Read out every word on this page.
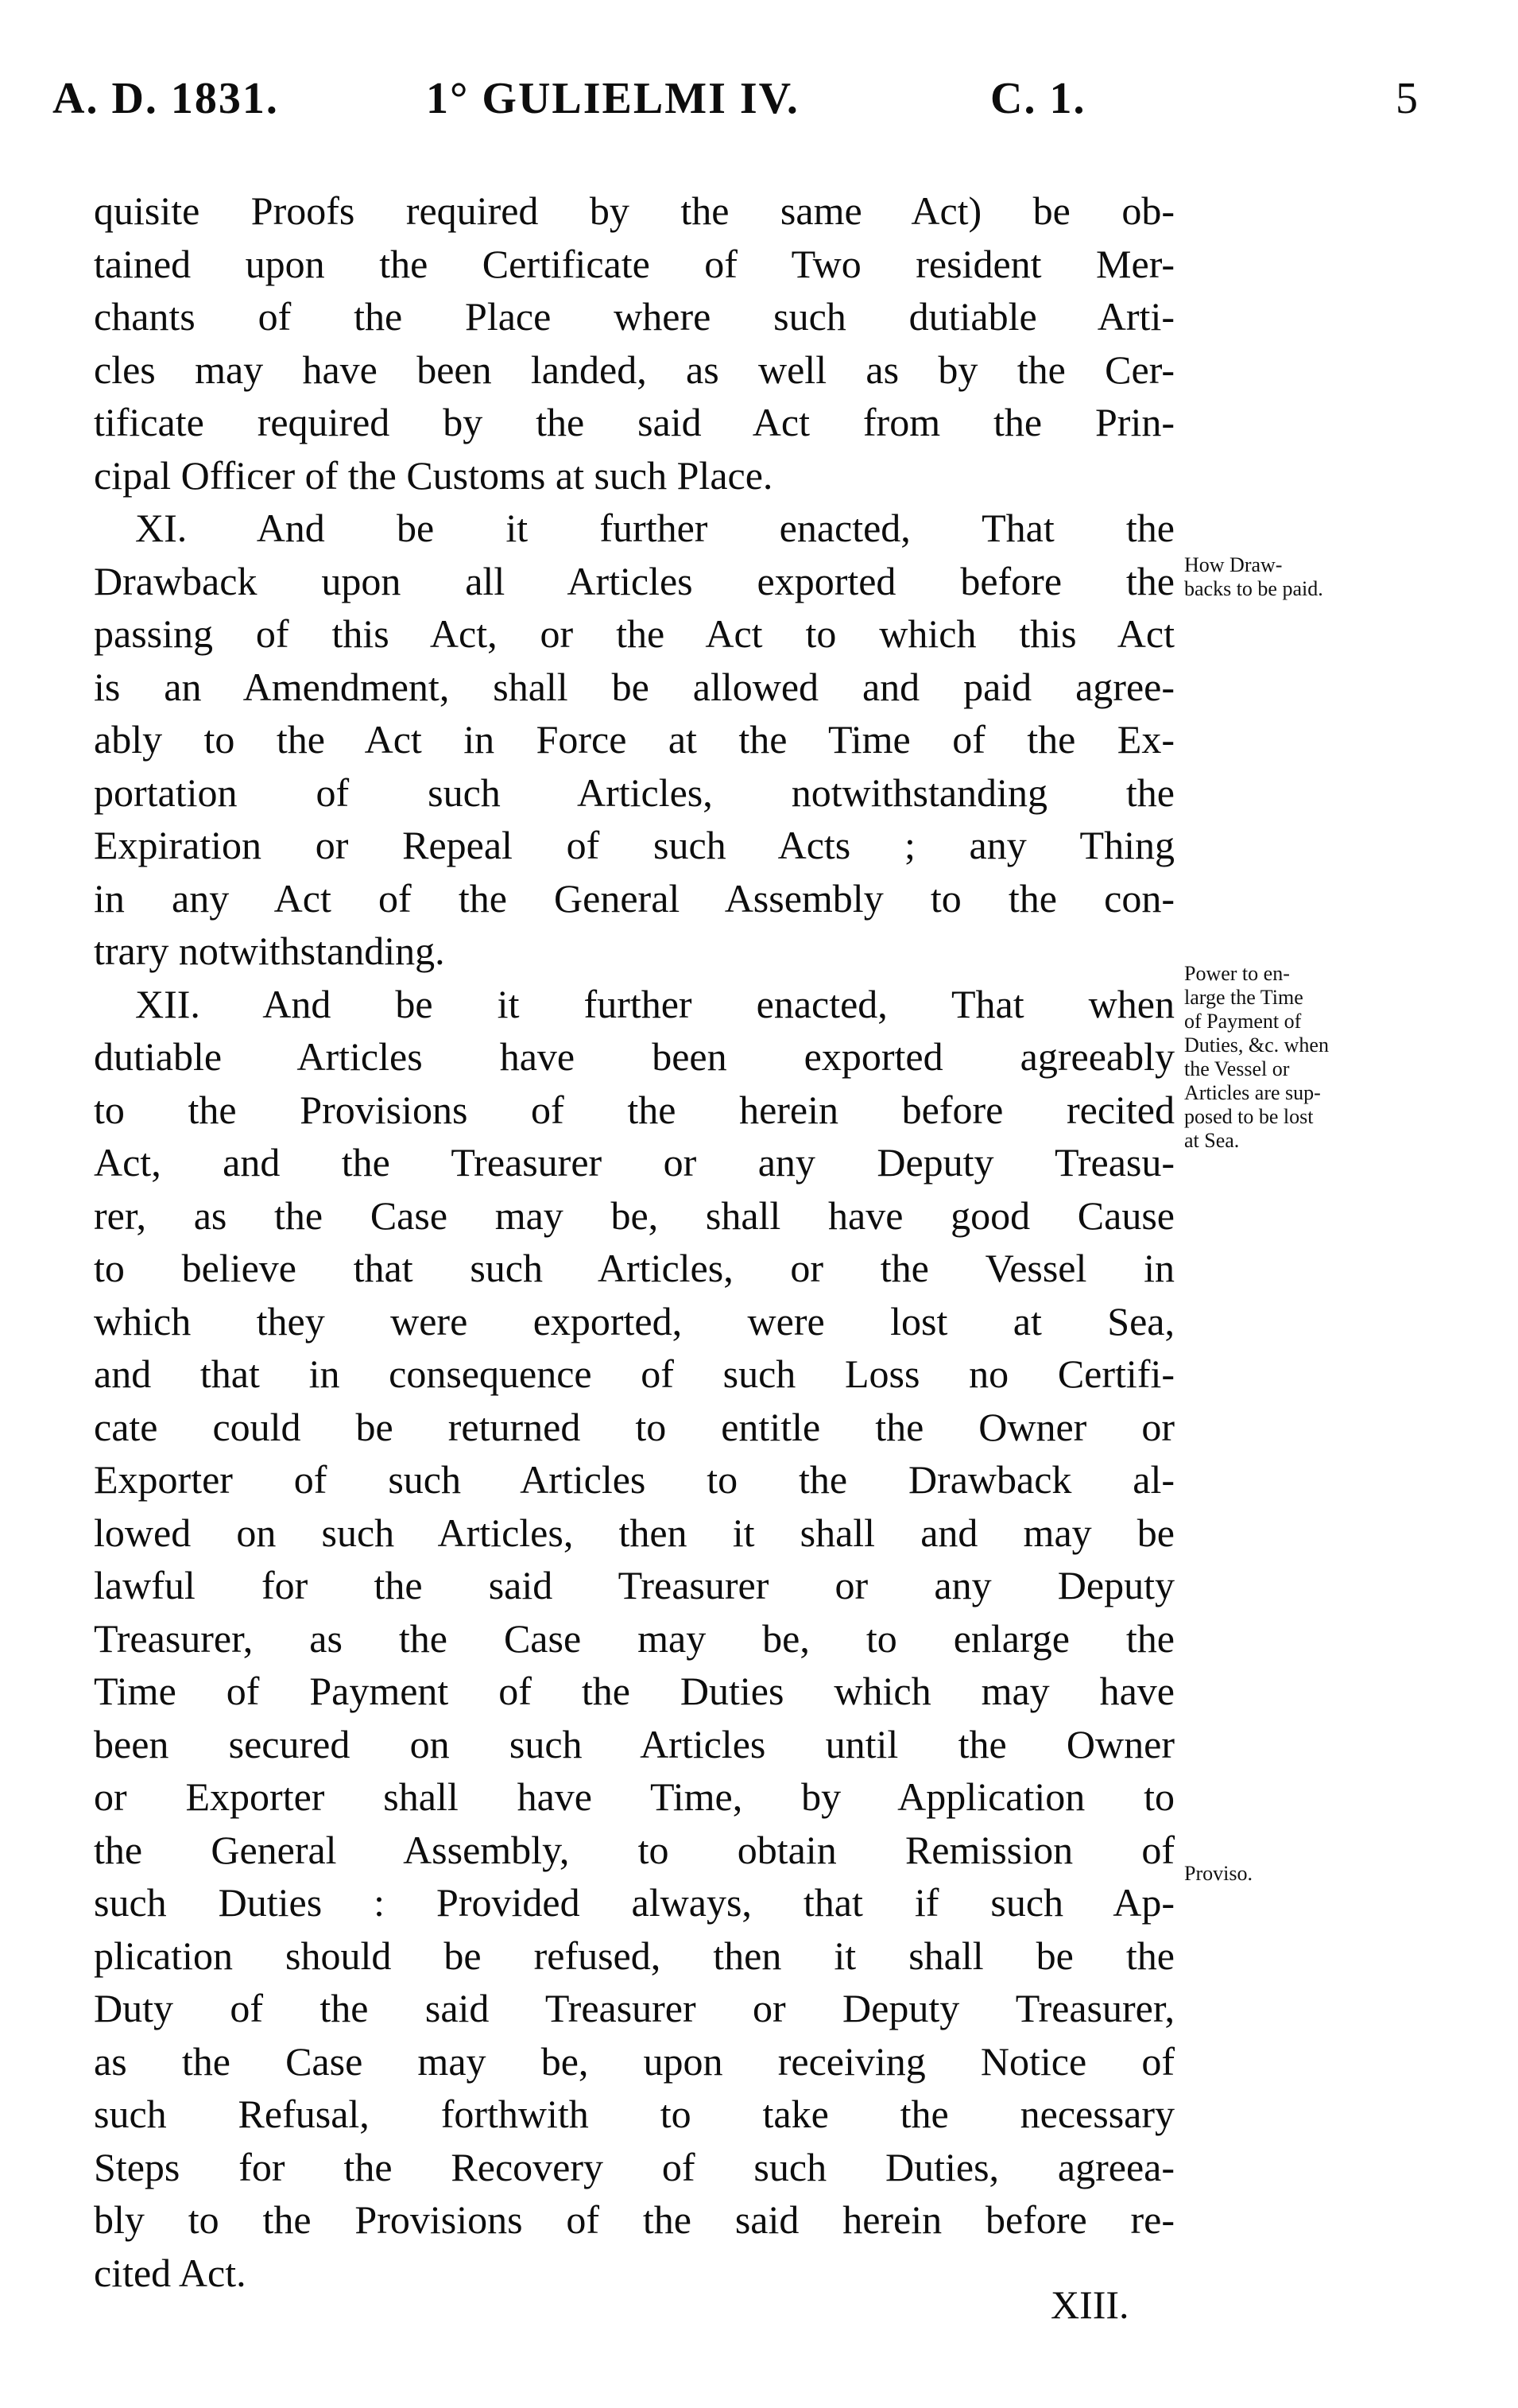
A. D. 1831.	1° GULIELMI IV.	C. 1.	5
quisite Proofs required by the same Act) be ob-
tained upon the Certificate of Two resident Mer-
chants of the Place where such dutiable Arti-
cles may have been landed, as well as by the Cer-
tificate required by the said Act from the Prin-
cipal Officer of the Customs at such Place.
XI. And be it further enacted, That the
Drawback upon all Articles exported before the
passing of this Act, or the Act to which this Act
is an Amendment, shall be allowed and paid agree-
ably to the Act in Force at the Time of the Ex-
portation of such Articles, notwithstanding the
Expiration or Repeal of such Acts ; any Thing
in any Act of the General Assembly to the con-
trary notwithstanding.
XII. And be it further enacted, That when
dutiable Articles have been exported agreeably
to the Provisions of the herein before recited
Act, and the Treasurer or any Deputy Treasu-
rer, as the Case may be, shall have good Cause
to believe that such Articles, or the Vessel in
which they were exported, were lost at Sea,
and that in consequence of such Loss no Certifi-
cate could be returned to entitle the Owner or
Exporter of such Articles to the Drawback al-
lowed on such Articles, then it shall and may be
lawful for the said Treasurer or any Deputy
Treasurer, as the Case may be, to enlarge the
Time of Payment of the Duties which may have
been secured on such Articles until the Owner
or Exporter shall have Time, by Application to
the General Assembly, to obtain Remission of
such Duties : Provided always, that if such Ap-
plication should be refused, then it shall be the
Duty of the said Treasurer or Deputy Treasurer,
as the Case may be, upon receiving Notice of
such Refusal, forthwith to take the necessary
Steps for the Recovery of such Duties, agreea-
bly to the Provisions of the said herein before re-
cited Act.
How Draw-
backs to be paid.
Power to en-
large the Time
of Payment of
Duties, &c. when
the Vessel or
Articles are sup-
posed to be lost
at Sea.
Proviso.
XIII.
